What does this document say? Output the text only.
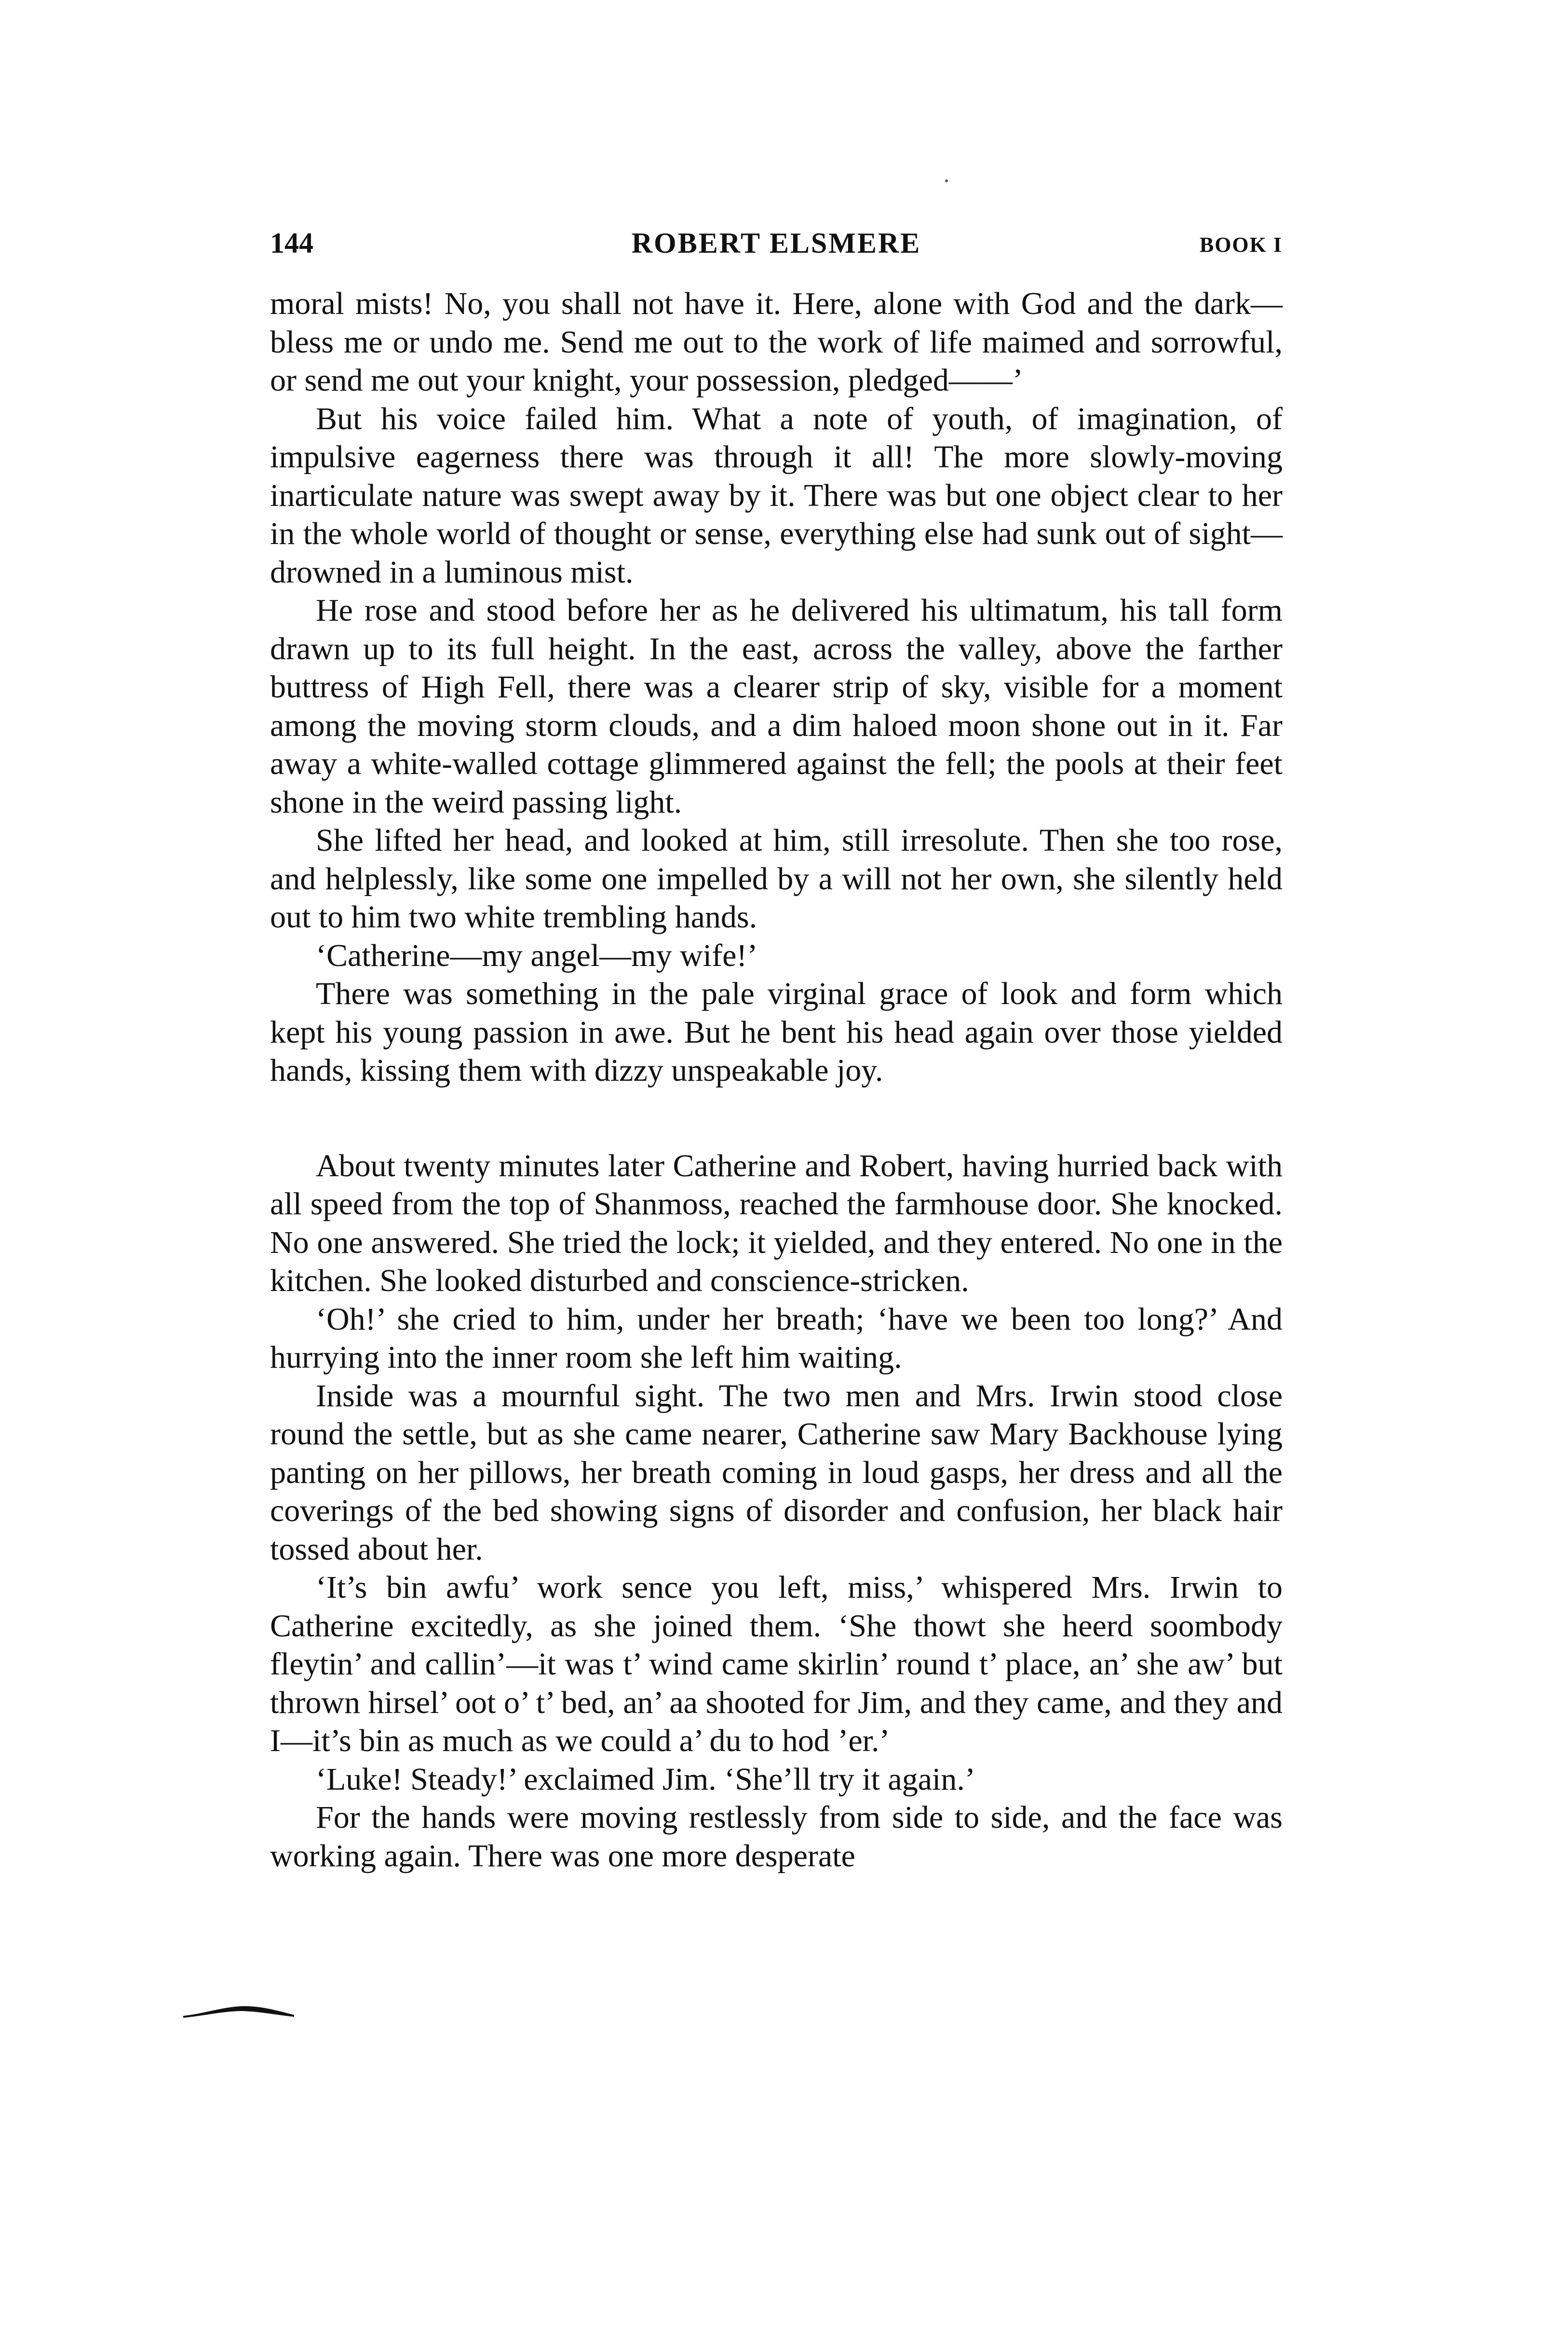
144	ROBERT ELSMERE	BOOK I

moral mists! No, you shall not have it. Here, alone with God and the dark—bless me or undo me. Send me out to the work of life maimed and sorrowful, or send me out your knight, your possession, pledged——’

But his voice failed him. What a note of youth, of imagination, of impulsive eagerness there was through it all! The more slowly-moving inarticulate nature was swept away by it. There was but one object clear to her in the whole world of thought or sense, everything else had sunk out of sight—drowned in a luminous mist.

He rose and stood before her as he delivered his ultimatum, his tall form drawn up to its full height. In the east, across the valley, above the farther buttress of High Fell, there was a clearer strip of sky, visible for a moment among the moving storm clouds, and a dim haloed moon shone out in it. Far away a white-walled cottage glimmered against the fell; the pools at their feet shone in the weird passing light.

She lifted her head, and looked at him, still irresolute. Then she too rose, and helplessly, like some one impelled by a will not her own, she silently held out to him two white trembling hands.

‘Catherine—my angel—my wife!’

There was something in the pale virginal grace of look and form which kept his young passion in awe. But he bent his head again over those yielded hands, kissing them with dizzy unspeakable joy.

About twenty minutes later Catherine and Robert, having hurried back with all speed from the top of Shanmoss, reached the farmhouse door. She knocked. No one answered. She tried the lock; it yielded, and they entered. No one in the kitchen. She looked disturbed and conscience-stricken.

‘Oh!’ she cried to him, under her breath; ‘have we been too long?’ And hurrying into the inner room she left him waiting.

Inside was a mournful sight. The two men and Mrs. Irwin stood close round the settle, but as she came nearer, Catherine saw Mary Backhouse lying panting on her pillows, her breath coming in loud gasps, her dress and all the coverings of the bed showing signs of disorder and confusion, her black hair tossed about her.

‘It’s bin awfu’ work sence you left, miss,’ whispered Mrs. Irwin to Catherine excitedly, as she joined them. ‘She thowt she heerd soombody fleytin’ and callin’—it was t’ wind came skirlin’ round t’ place, an’ she aw’ but thrown hirsel’ oot o’ t’ bed, an’ aa shooted for Jim, and they came, and they and I—it’s bin as much as we could a’ du to hod ’er.’

‘Luke! Steady!’ exclaimed Jim. ‘She’ll try it again.’

For the hands were moving restlessly from side to side, and the face was working again. There was one more desperate
